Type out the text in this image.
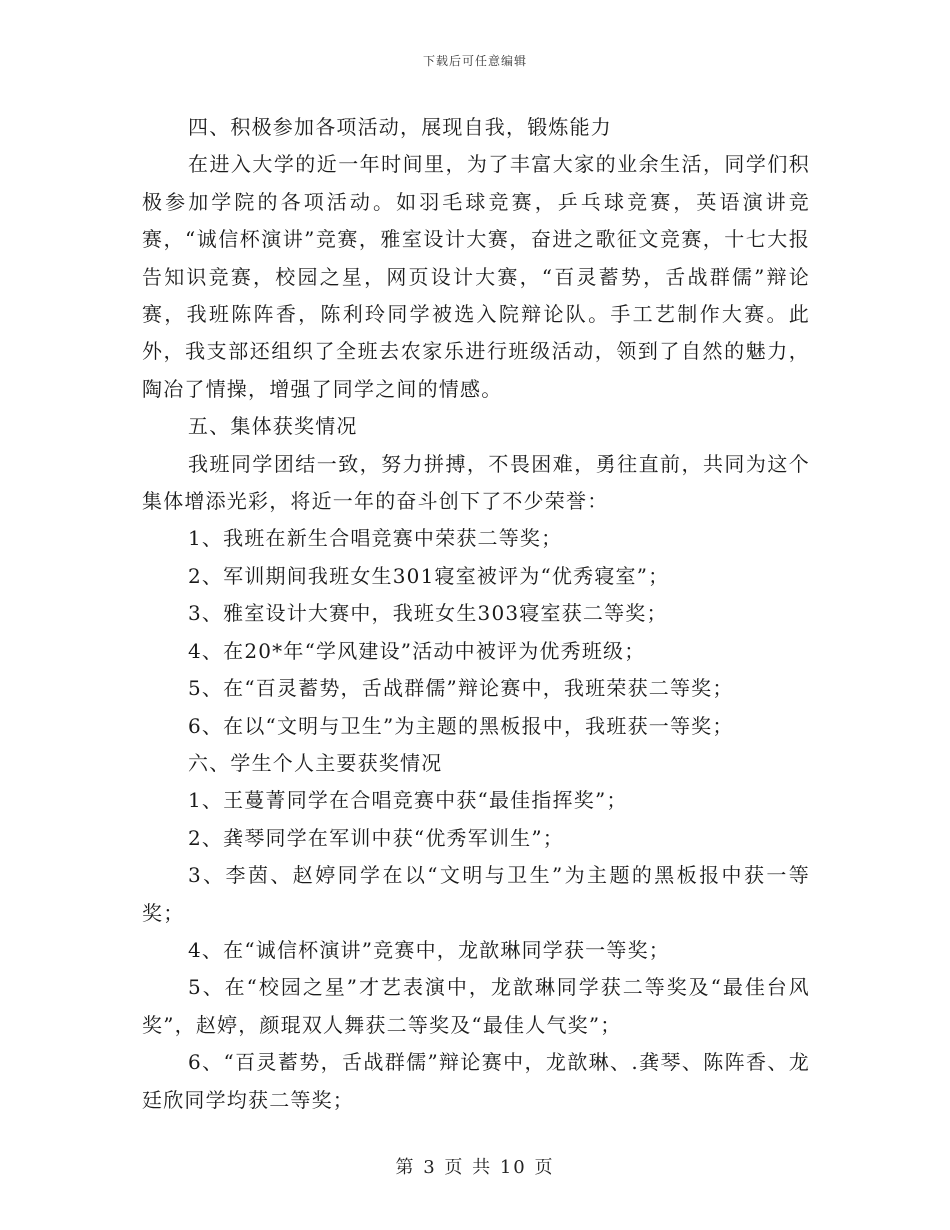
下载后可任意编辑

四、积极参加各项活动，展现自我，锻炼能力

在进入大学的近一年时间里，为了丰富大家的业余生活，同学们积极参加学院的各项活动。如羽毛球竞赛，乒乓球竞赛，英语演讲竞赛，“诚信杯演讲”竞赛，雅室设计大赛，奋进之歌征文竞赛，十七大报告知识竞赛，校园之星，网页设计大赛，“百灵蓄势，舌战群儒”辩论赛，我班陈阵香，陈利玲同学被选入院辩论队。手工艺制作大赛。此外，我支部还组织了全班去农家乐进行班级活动，领到了自然的魅力，陶冶了情操，增强了同学之间的情感。

五、集体获奖情况

我班同学团结一致，努力拼搏，不畏困难，勇往直前，共同为这个集体增添光彩，将近一年的奋斗创下了不少荣誉：

1、我班在新生合唱竞赛中荣获二等奖；

2、军训期间我班女生301寝室被评为“优秀寝室”；

3、雅室设计大赛中，我班女生303寝室获二等奖；

4、在20*年“学风建设”活动中被评为优秀班级；

5、在“百灵蓄势，舌战群儒”辩论赛中，我班荣获二等奖；

6、在以“文明与卫生”为主题的黑板报中，我班获一等奖；

六、学生个人主要获奖情况

1、王蔓菁同学在合唱竞赛中获“最佳指挥奖”；

2、龚琴同学在军训中获“优秀军训生”；

3、李茵、赵婷同学在以“文明与卫生”为主题的黑板报中获一等奖；

4、在“诚信杯演讲”竞赛中，龙歆琳同学获一等奖；

5、在“校园之星”才艺表演中，龙歆琳同学获二等奖及“最佳台风奖”，赵婷，颜琨双人舞获二等奖及“最佳人气奖”；

6、“百灵蓄势，舌战群儒”辩论赛中，龙歆琳、.龚琴、陈阵香、龙廷欣同学均获二等奖；

第 3 页 共 10 页
